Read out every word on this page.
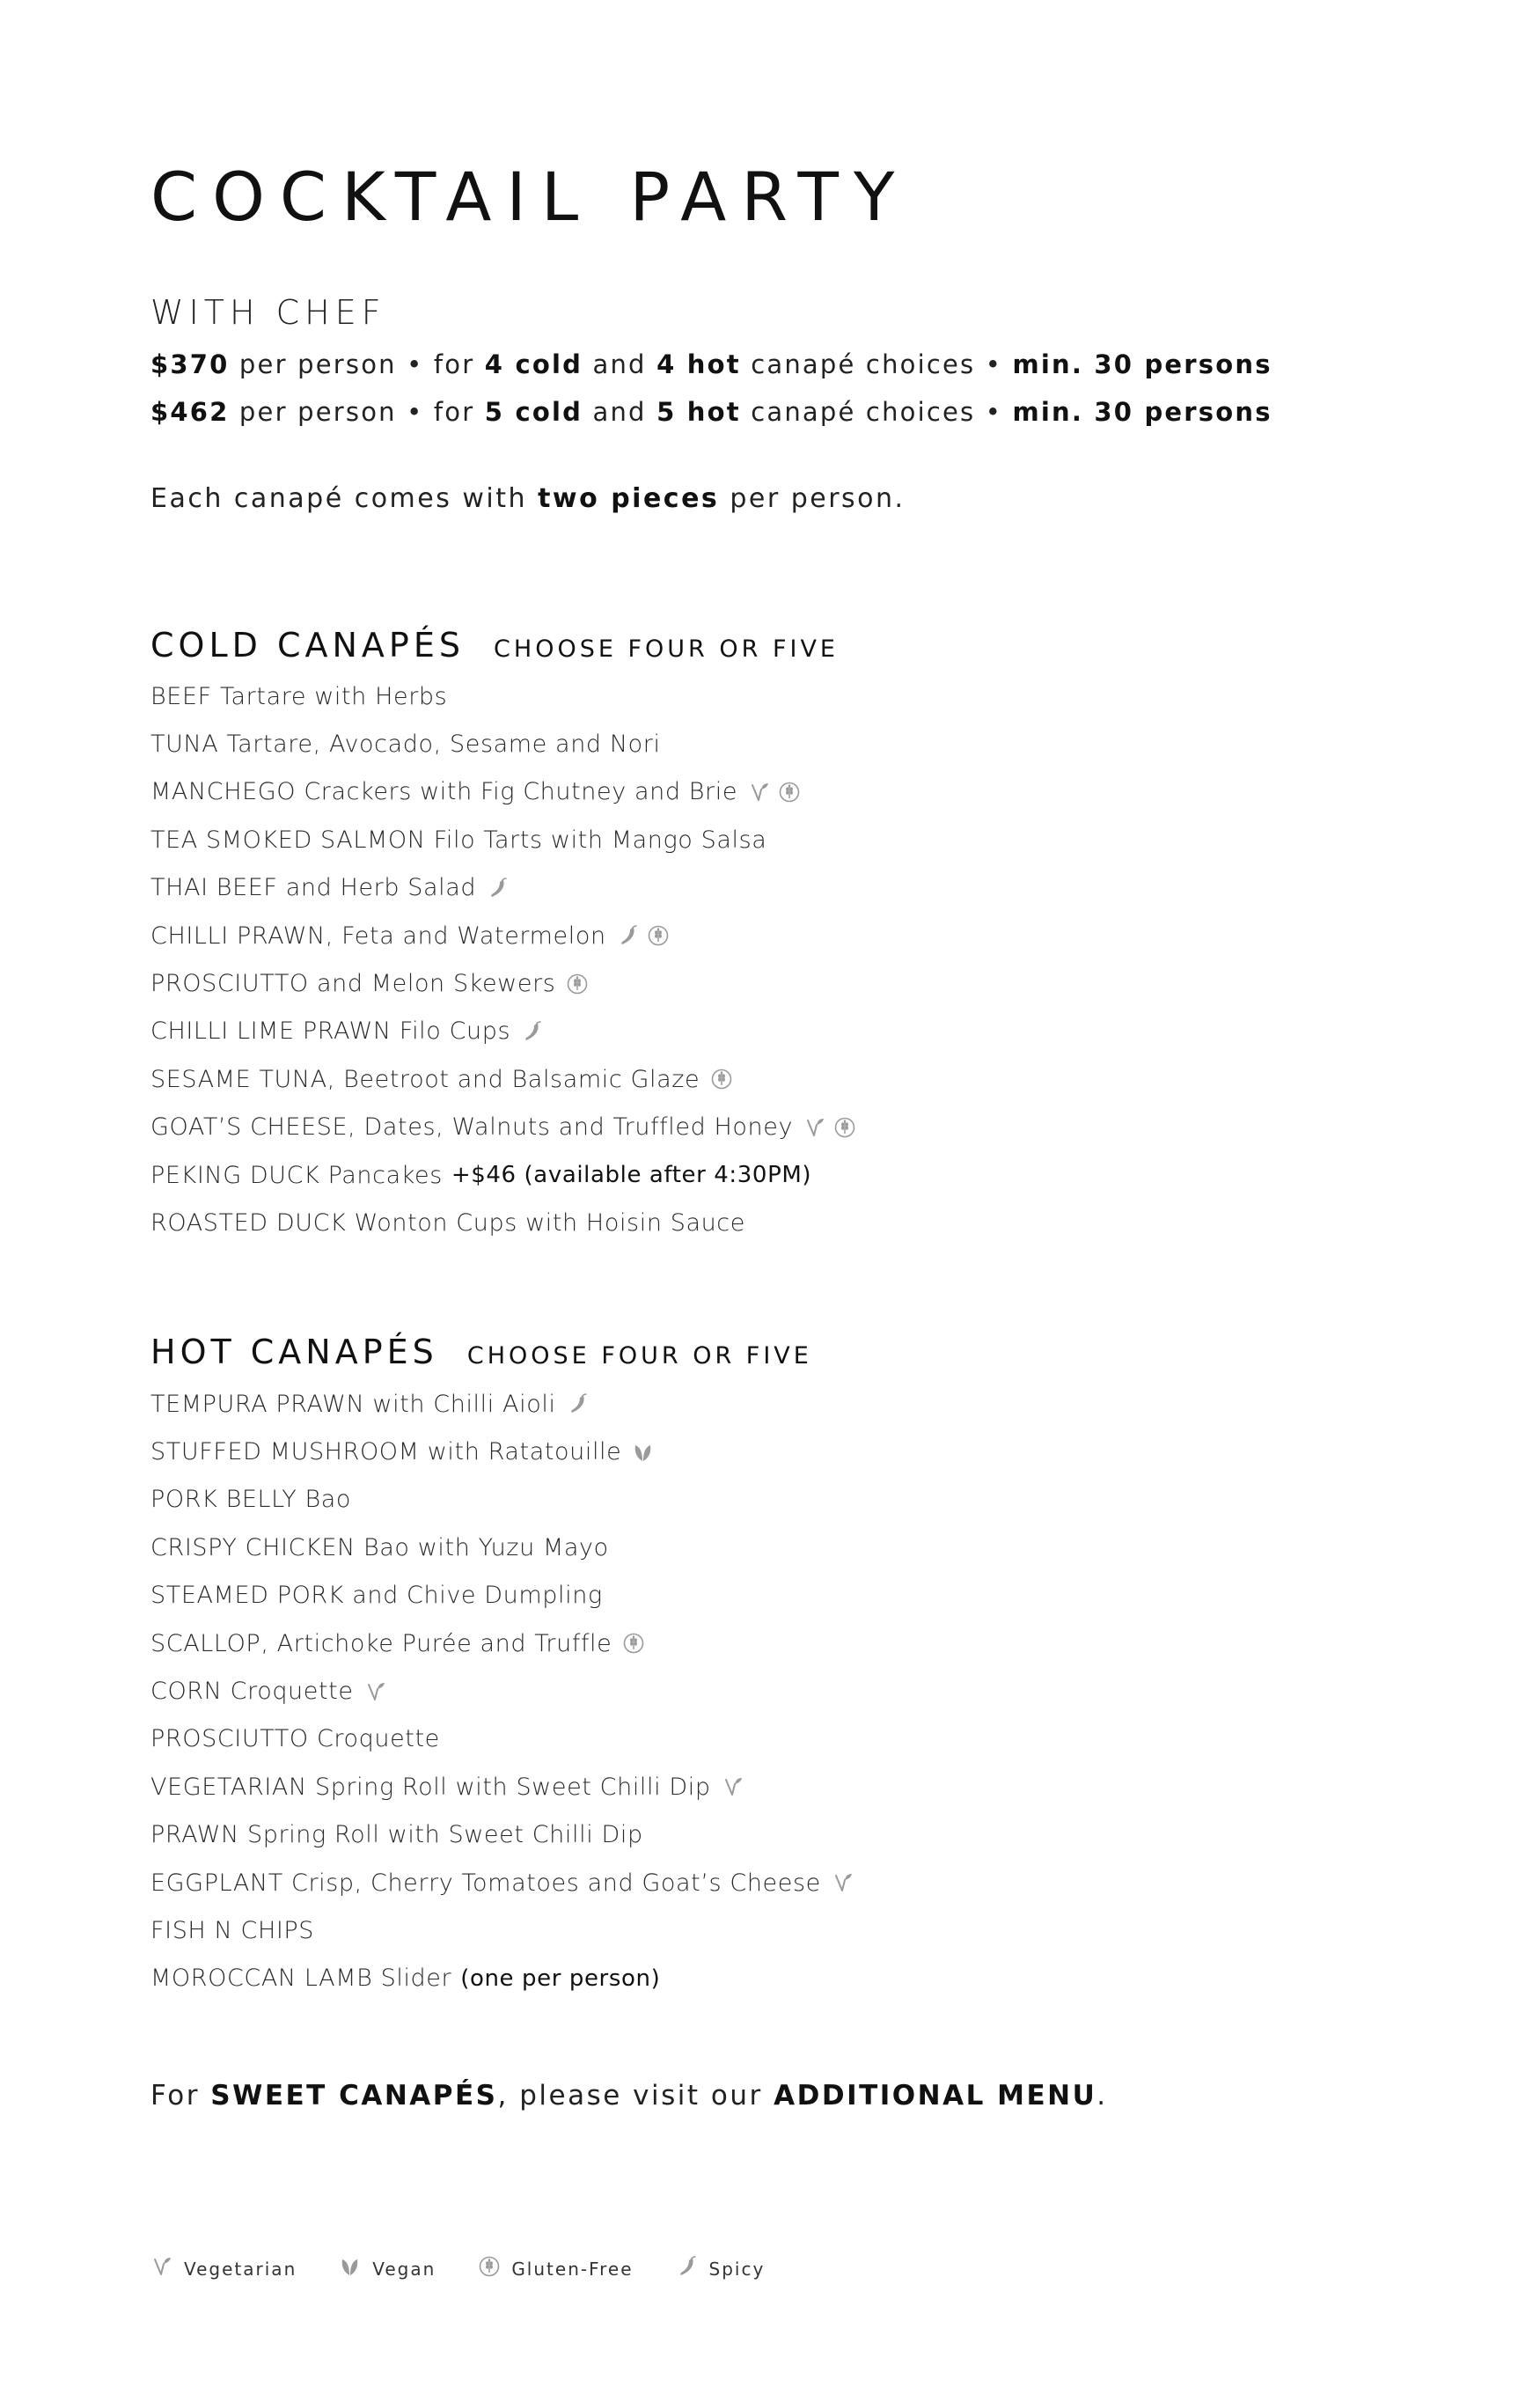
COCKTAIL PARTY
WITH CHEF
$370 per person • for 4 cold and 4 hot canapé choices • min. 30 persons
$462 per person • for 5 cold and 5 hot canapé choices • min. 30 persons
Each canapé comes with two pieces per person.
COLD CANAPÉS CHOOSE FOUR OR FIVE
BEEF Tartare with Herbs
TUNA Tartare, Avocado, Sesame and Nori
MANCHEGO Crackers with Fig Chutney and Brie
TEA SMOKED SALMON Filo Tarts with Mango Salsa
THAI BEEF and Herb Salad
CHILLI PRAWN, Feta and Watermelon
PROSCIUTTO and Melon Skewers
CHILLI LIME PRAWN Filo Cups
SESAME TUNA, Beetroot and Balsamic Glaze
GOAT’S CHEESE, Dates, Walnuts and Truffled Honey
PEKING DUCK Pancakes +$46 (available after 4:30PM)
ROASTED DUCK Wonton Cups with Hoisin Sauce
HOT CANAPÉS CHOOSE FOUR OR FIVE
TEMPURA PRAWN with Chilli Aioli
STUFFED MUSHROOM with Ratatouille
PORK BELLY Bao
CRISPY CHICKEN Bao with Yuzu Mayo
STEAMED PORK and Chive Dumpling
SCALLOP, Artichoke Purée and Truffle
CORN Croquette
PROSCIUTTO Croquette
VEGETARIAN Spring Roll with Sweet Chilli Dip
PRAWN Spring Roll with Sweet Chilli Dip
EGGPLANT Crisp, Cherry Tomatoes and Goat’s Cheese
FISH N CHIPS
MOROCCAN LAMB Slider (one per person)
For SWEET CANAPÉS, please visit our ADDITIONAL MENU.
Vegetarian	Vegan	Gluten-Free	Spicy
